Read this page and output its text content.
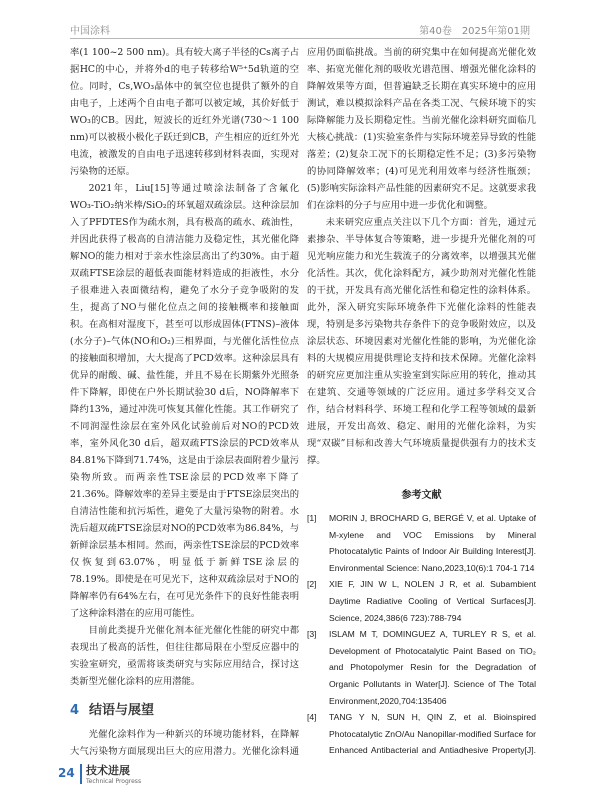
中国涂料	第40卷　2025年第01期

率(1 100~2 500 nm)。具有较大离子半径的Cs离子占据HC的中心，并将外d的电子转移给W⁵⁺5d轨道的空位。同时，Cs,WO₃晶体中的氧空位也提供了额外的自由电子，上述两个自由电子都可以被定域，其价好低于WO₃的CB。因此，短波长的近红外光谱(730～1 100 nm)可以被极小极化子跃迁到CB，产生相应的近红外光电流，被激发的自由电子迅速转移到材料表面，实现对污染物的还原。

2021年，Liu[15]等通过喷涂法制备了含氟化WO₃-TiO₂纳米棒/SiO₂的环氧超双疏涂层。这种涂层加入了PFDTES作为疏水剂，具有极高的疏水、疏油性，并因此获得了极高的自清洁能力及稳定性，其光催化降解NO的能力相对于亲水性涂层高出了约30%。由于超双疏FTSE涂层的超低表面能材料造成的拒液性，水分子很难进入表面微结构，避免了水分子竞争吸附的发生，提高了NO与催化位点之间的接触概率和接触面积。在高相对湿度下，甚至可以形成固体(FTNS)–液体(水分子)–气体(NO和O₂)三相界面，与光催化活性位点的接触面积增加，大大提高了PCD效率。这种涂层具有优异的耐酸、碱、盐性能，并且不易在长期紫外光照条件下降解，即使在户外长期试验30 d后，NO降解率下降约13%，通过冲洗可恢复其催化性能。其工作研究了不同润湿性涂层在室外风化试验前后对NO的PCD效率，室外风化30 d后，超双疏FTS涂层的PCD效率从84.81%下降到71.74%，这是由于涂层表面附着少量污染物所致。而两亲性TSE涂层的PCD效率下降了21.36%。降解效率的差异主要是由于FTSE涂层突出的自清洁性能和抗污垢性，避免了大量污染物的附着。水洗后超双疏FTSE涂层对NO的PCD效率为86.84%，与新鲜涂层基本相同。然而，两亲性TSE涂层的PCD效率仅恢复到63.07%，明显低于新鲜TSE涂层的78.19%。即使是在可见光下，这种双疏涂层对于NO的降解率仍有64%左右，在可见光条件下的良好性能表明了这种涂料潜在的应用可能性。

目前此类提升光催化剂本征光催化性能的研究中都表现出了极高的活性，但往往都局限在小型反应器中的实验室研究，亟需将该类研究与实际应用结合，探讨这类新型光催化涂料的应用潜能。

4 结语与展望

光催化涂料作为一种新兴的环境功能材料，在降解大气污染物方面展现出巨大的应用潜力。光催化涂料通

应用仍面临挑战。当前的研究集中在如何提高光催化效率、拓宽光催化剂的吸收光谱范围、增强光催化涂料的降解效果等方面，但普遍缺乏长期在真实环境中的应用测试，难以模拟涂料产品在各类工况、气候环境下的实际降解能力及长期稳定性。当前光催化涂料研究面临几大核心挑战：(1)实验室条件与实际环境差异导致的性能落差；(2)复杂工况下的长期稳定性不足；(3)多污染物的协同降解效率；(4)可见光利用效率与经济性瓶颈；(5)影响实际涂料产品性能的因素研究不足。这就要求我们在涂料的分子与应用中进一步优化和调整。

未来研究应重点关注以下几个方面：首先，通过元素掺杂、半导体复合等策略，进一步提升光催化剂的可见光响应能力和光生载流子的分离效率，以增强其光催化活性。其次，优化涂料配方，减少助剂对光催化性能的干扰，开发具有高光催化活性和稳定性的涂料体系。此外，深入研究实际环境条件下光催化涂料的性能表现，特别是多污染物共存条件下的竞争吸附效应，以及涂层状态、环境因素对光催化性能的影响，为光催化涂料的大规模应用提供理论支持和技术保障。光催化涂料的研究应更加注重从实验室到实际应用的转化，推动其在建筑、交通等领域的广泛应用。通过多学科交叉合作，结合材料科学、环境工程和化学工程等领域的最新进展，开发出高效、稳定、耐用的光催化涂料，为实现“双碳”目标和改善大气环境质量提供强有力的技术支撑。

参考文献
[1]	MORIN J, BROCHARD G, BERGÉ V, et al. Uptake of M-xylene and VOC Emissions by Mineral Photocatalytic Paints of Indoor Air Building Interest[J]. Environmental Science: Nano,2023,10(6):1 704-1 714
[2]	XIE F, JIN W L, NOLEN J R, et al. Subambient Daytime Radiative Cooling of Vertical Surfaces[J]. Science, 2024,386(6 723):788-794
[3]	ISLAM M T, DOMINGUEZ A, TURLEY R S, et al. Development of Photocatalytic Paint Based on TiO₂ and Photopolymer Resin for the Degradation of Organic Pollutants in Water[J]. Science of The Total Environment,2020,704:135406
[4]	TANG Y N, SUN H, QIN Z, et al. Bioinspired Photocatalytic ZnO/Au Nanopillar-modified Surface for Enhanced Antibacterial and Antiadhesive Property[J].
24 技术进展
Technical Progress
